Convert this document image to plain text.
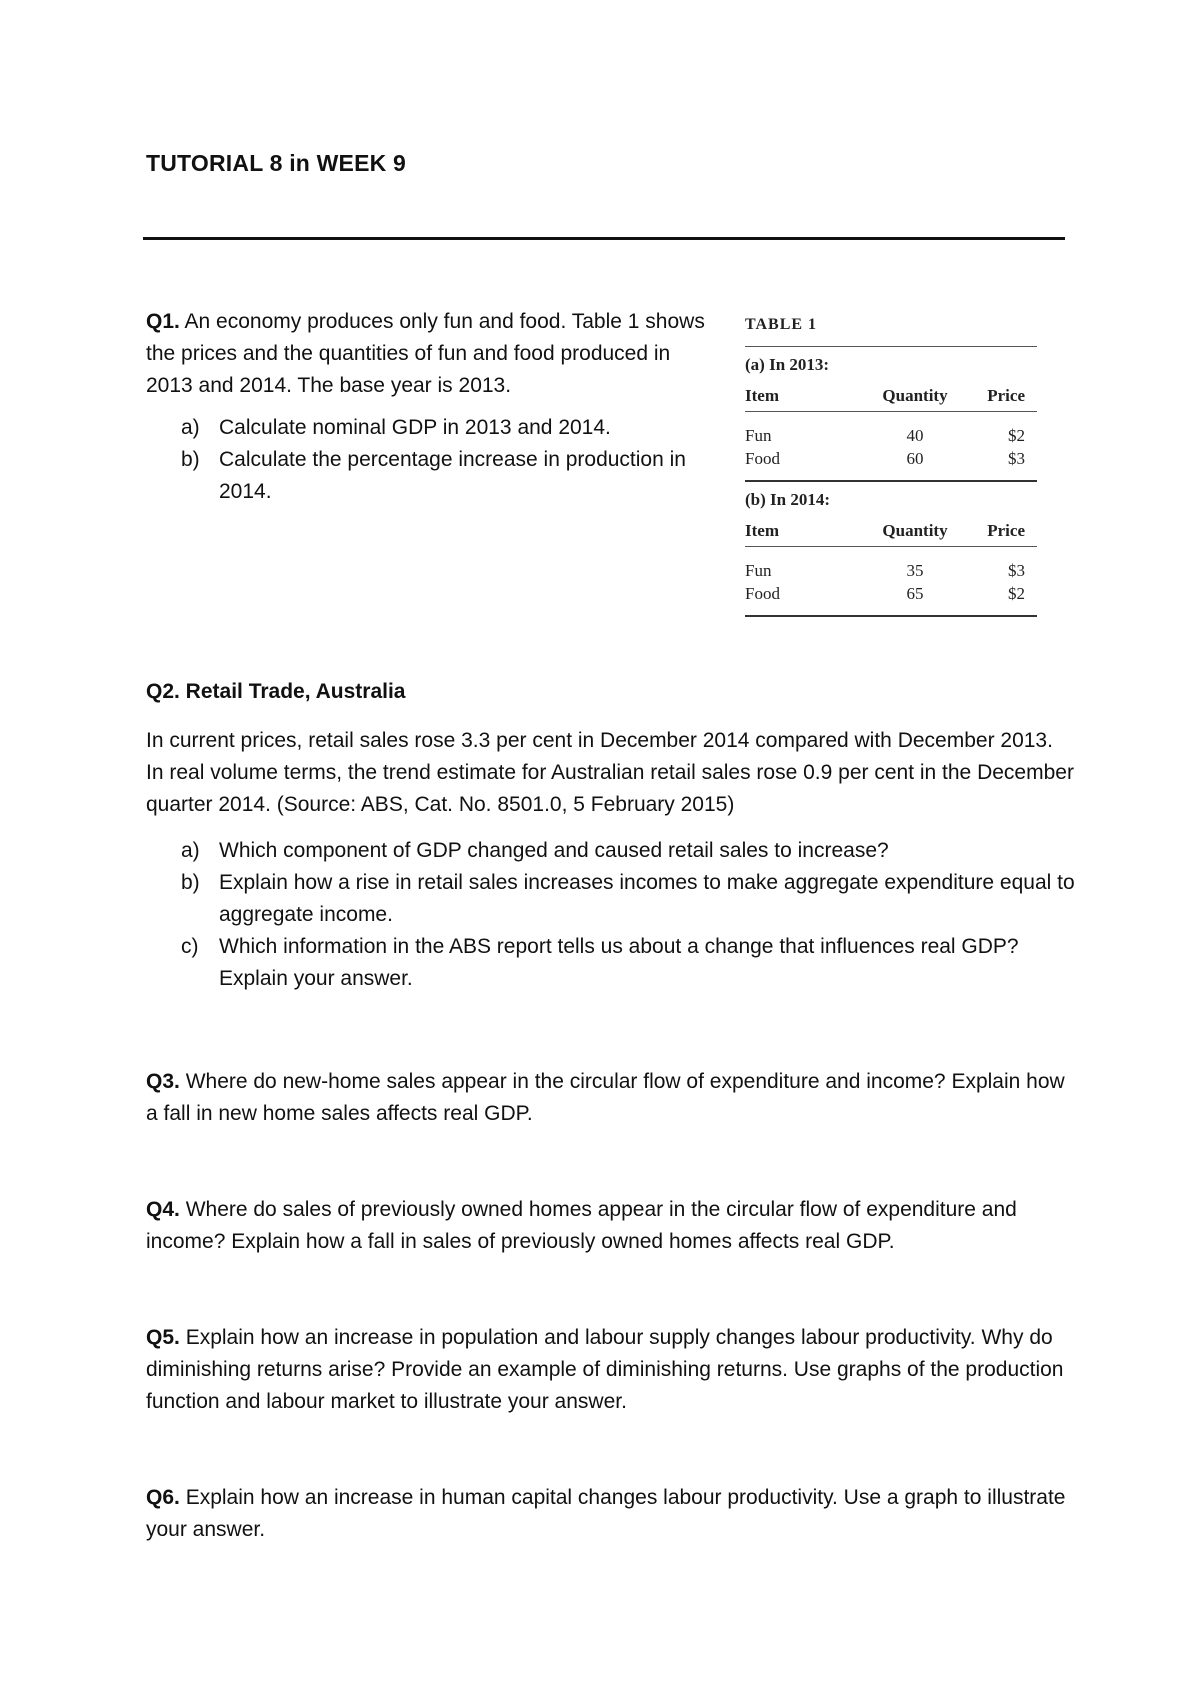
TUTORIAL 8 in WEEK 9

Q1. An economy produces only fun and food. Table 1 shows the prices and the quantities of fun and food produced in 2013 and 2014. The base year is 2013.

a) Calculate nominal GDP in 2013 and 2014.
b) Calculate the percentage increase in production in 2014.
TABLE 1
(a) In 2013:
Item	Quantity	Price
Fun	40	$2
Food	60	$3
(b) In 2014:
Item	Quantity	Price
Fun	35	$3
Food	65	$2

Q2. Retail Trade, Australia

In current prices, retail sales rose 3.3 per cent in December 2014 compared with December 2013. In real volume terms, the trend estimate for Australian retail sales rose 0.9 per cent in the December quarter 2014. (Source: ABS, Cat. No. 8501.0, 5 February 2015)

a) Which component of GDP changed and caused retail sales to increase?
b) Explain how a rise in retail sales increases incomes to make aggregate expenditure equal to aggregate income.
c) Which information in the ABS report tells us about a change that influences real GDP? Explain your answer.

Q3. Where do new-home sales appear in the circular flow of expenditure and income? Explain how a fall in new home sales affects real GDP.

Q4. Where do sales of previously owned homes appear in the circular flow of expenditure and income? Explain how a fall in sales of previously owned homes affects real GDP.

Q5. Explain how an increase in population and labour supply changes labour productivity. Why do diminishing returns arise? Provide an example of diminishing returns. Use graphs of the production function and labour market to illustrate your answer.

Q6. Explain how an increase in human capital changes labour productivity. Use a graph to illustrate your answer.
